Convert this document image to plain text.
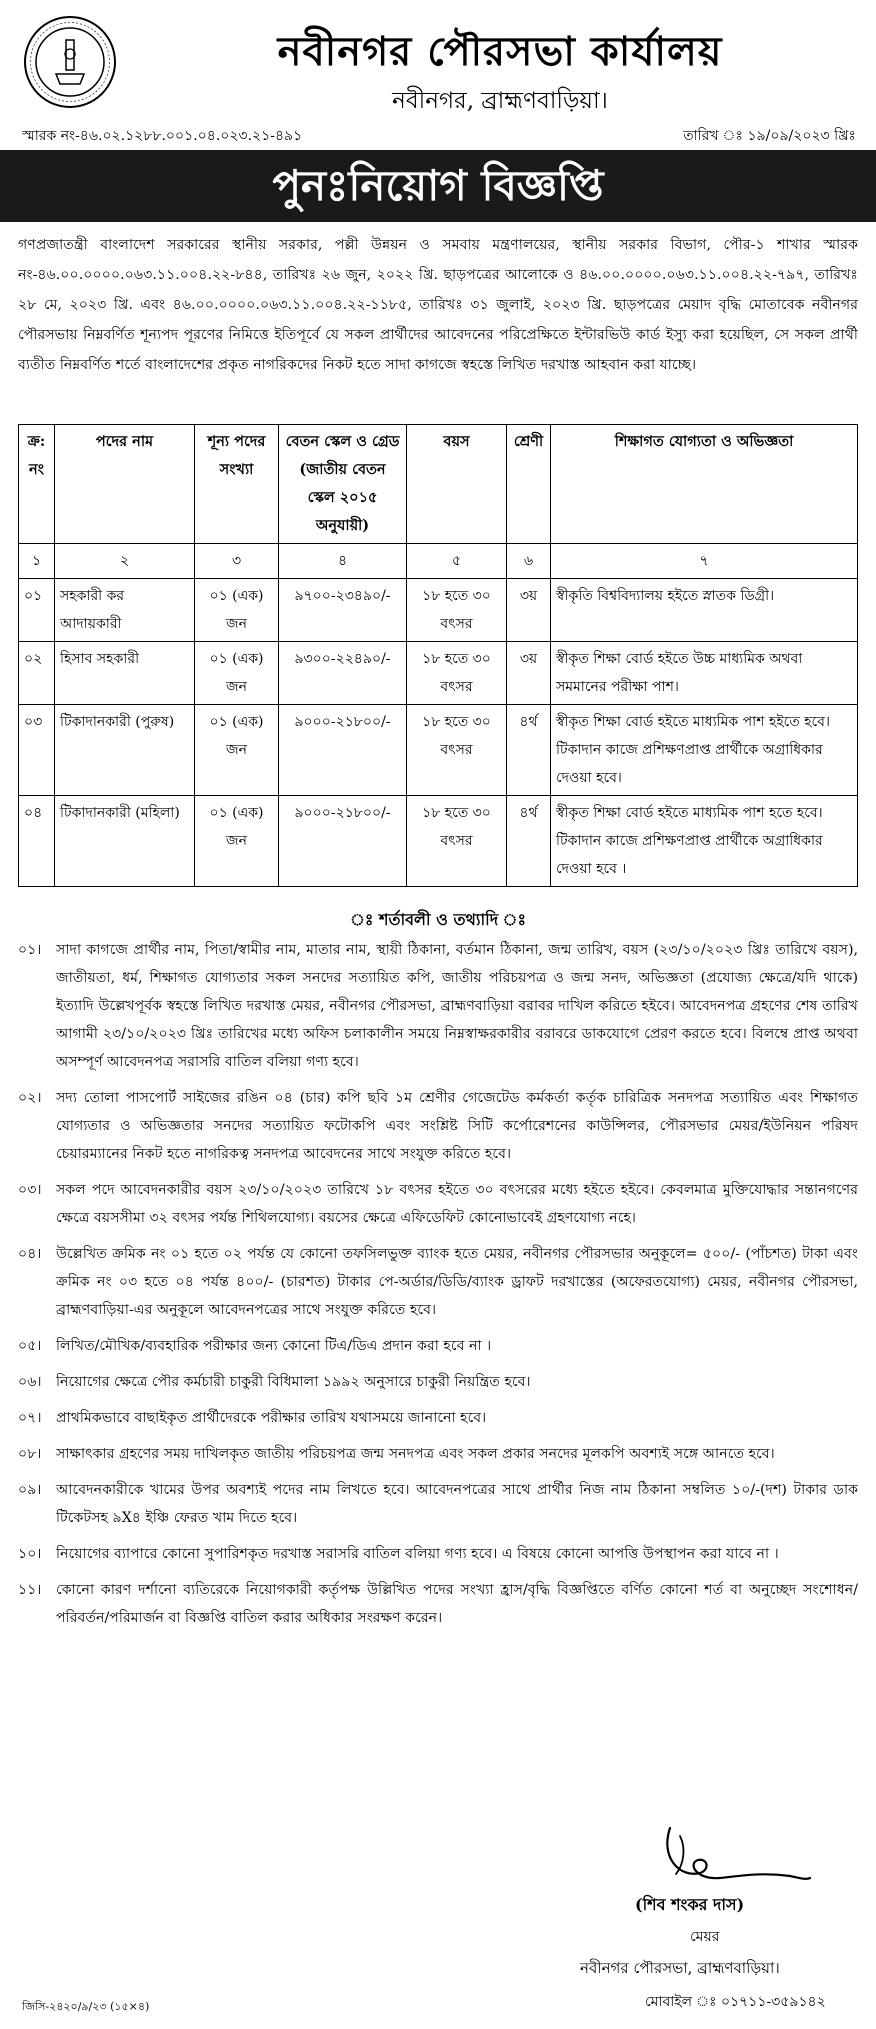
নবীনগর পৌরসভা কার্যালয়
নবীনগর, ব্রাহ্মণবাড়িয়া।
স্মারক নং-৪৬.০২.১২৮৮.০০১.০৪.০২৩.২১-৪৯১	তারিখ ঃ ১৯/০৯/২০২৩ খ্রিঃ
পুনঃনিয়োগ বিজ্ঞপ্তি
গণপ্রজাতন্ত্রী বাংলাদেশ সরকারের স্থানীয় সরকার, পল্লী উন্নয়ন ও সমবায় মন্ত্রণালয়ের, স্থানীয় সরকার বিভাগ, পৌর-১ শাখার স্মারক নং-৪৬.০০.০০০০.০৬৩.১১.০০৪.২২-৮৪৪, তারিখঃ ২৬ জুন, ২০২২ খ্রি. ছাড়পত্রের আলোকে ও ৪৬.০০.০০০০.০৬৩.১১.০০৪.২২-৭৯৭, তারিখঃ ২৮ মে, ২০২৩ খ্রি. এবং ৪৬.০০.০০০০.০৬৩.১১.০০৪.২২-১১৮৫, তারিখঃ ৩১ জুলাই, ২০২৩ খ্রি. ছাড়পত্রের মেয়াদ বৃদ্ধি মোতাবেক নবীনগর পৌরসভায় নিম্নবর্ণিত শূন্যপদ পূরণের নিমিত্তে ইতিপূর্বে যে সকল প্রার্থীদের আবেদনের পরিপ্রেক্ষিতে ইন্টারভিউ কার্ড ইস্যু করা হয়েছিল, সে সকল প্রার্থী ব্যতীত নিম্নবর্ণিত শর্তে বাংলাদেশের প্রকৃত নাগরিকদের নিকট হতে সাদা কাগজে স্বহস্তে লিখিত দরখাস্ত আহবান করা যাচ্ছে।
ক্র: নং	পদের নাম	শূন্য পদের সংখ্যা	বেতন স্কেল ও গ্রেড (জাতীয় বেতন স্কেল ২০১৫ অনুযায়ী)	বয়স	শ্রেণী	শিক্ষাগত যোগ্যতা ও অভিজ্ঞতা
১	২	৩	৪	৫	৬	৭
০১	সহকারী কর আদায়কারী	০১ (এক) জন	৯৭০০-২৩৪৯০/-	১৮ হতে ৩০ বৎসর	৩য়	স্বীকৃতি বিশ্ববিদ্যালয় হইতে স্নাতক ডিগ্রী।
০২	হিসাব সহকারী	০১ (এক) জন	৯৩০০-২২৪৯০/-	১৮ হতে ৩০ বৎসর	৩য়	স্বীকৃত শিক্ষা বোর্ড হইতে উচ্চ মাধ্যমিক অথবা সমমানের পরীক্ষা পাশ।
০৩	টিকাদানকারী (পুরুষ)	০১ (এক) জন	৯০০০-২১৮০০/-	১৮ হতে ৩০ বৎসর	৪র্থ	স্বীকৃত শিক্ষা বোর্ড হইতে মাধ্যমিক পাশ হইতে হবে। টিকাদান কাজে প্রশিক্ষণপ্রাপ্ত প্রার্থীকে অগ্রাধিকার দেওয়া হবে।
০৪	টিকাদানকারী (মহিলা)	০১ (এক) জন	৯০০০-২১৮০০/-	১৮ হতে ৩০ বৎসর	৪র্থ	স্বীকৃত শিক্ষা বোর্ড হইতে মাধ্যমিক পাশ হতে হবে। টিকাদান কাজে প্রশিক্ষণপ্রাপ্ত প্রার্থীকে অগ্রাধিকার দেওয়া হবে ।
ঃ শর্তাবলী ও তথ্যাদি ঃ
০১।	সাদা কাগজে প্রার্থীর নাম, পিতা/স্বামীর নাম, মাতার নাম, স্থায়ী ঠিকানা, বর্তমান ঠিকানা, জন্ম তারিখ, বয়স (২৩/১০/২০২৩ খ্রিঃ তারিখে বয়স), জাতীয়তা, ধর্ম, শিক্ষাগত যোগ্যতার সকল সনদের সত্যায়িত কপি, জাতীয় পরিচয়পত্র ও জন্ম সনদ, অভিজ্ঞতা (প্রযোজ্য ক্ষেত্রে/যদি থাকে) ইত্যাদি উল্লেখপূর্বক স্বহস্তে লিখিত দরখাস্ত মেয়র, নবীনগর পৌরসভা, ব্রাহ্মণবাড়িয়া বরাবর দাখিল করিতে হইবে। আবেদনপত্র গ্রহণের শেষ তারিখ আগামী ২৩/১০/২০২৩ খ্রিঃ তারিখের মধ্যে অফিস চলাকালীন সময়ে নিম্নস্বাক্ষরকারীর বরাবরে ডাকযোগে প্রেরণ করতে হবে। বিলম্বে প্রাপ্ত অথবা অসম্পূর্ণ আবেদনপত্র সরাসরি বাতিল বলিয়া গণ্য হবে।
০২।	সদ্য তোলা পাসপোর্ট সাইজের রঙিন ০৪ (চার) কপি ছবি ১ম শ্রেণীর গেজেটেড কর্মকর্তা কর্তৃক চারিত্রিক সনদপত্র সত্যায়িত এবং শিক্ষাগত যোগ্যতার ও অভিজ্ঞতার সনদের সত্যায়িত ফটোকপি এবং সংশ্লিষ্ট সিটি কর্পোরেশনের কাউন্সিলর, পৌরসভার মেয়র/ইউনিয়ন পরিষদ চেয়ারম্যানের নিকট হতে নাগরিকত্ব সনদপত্র আবেদনের সাথে সংযুক্ত করিতে হবে।
০৩।	সকল পদে আবেদনকারীর বয়স ২৩/১০/২০২৩ তারিখে ১৮ বৎসর হইতে ৩০ বৎসরের মধ্যে হইতে হইবে। কেবলমাত্র মুক্তিযোদ্ধার সন্তানগণের ক্ষেত্রে বয়সসীমা ৩২ বৎসর পর্যন্ত শিথিলযোগ্য। বয়সের ক্ষেত্রে এফিডেফিট কোনোভাবেই গ্রহণযোগ্য নহে।
০৪।	উল্লেখিত ক্রমিক নং ০১ হতে ০২ পর্যন্ত যে কোনো তফসিলভুক্ত ব্যাংক হতে মেয়র, নবীনগর পৌরসভার অনুকূলে= ৫০০/- (পাঁচশত) টাকা এবং ক্রমিক নং ০৩ হতে ০৪ পর্যন্ত ৪০০/- (চারশত) টাকার পে-অর্ডার/ডিডি/ব্যাংক ড্রাফট দরখাস্তের (অফেরতযোগ্য) মেয়র, নবীনগর পৌরসভা, ব্রাহ্মণবাড়িয়া-এর অনুকূলে আবেদনপত্রের সাথে সংযুক্ত করিতে হবে।
০৫।	লিখিত/মৌখিক/ব্যবহারিক পরীক্ষার জন্য কোনো টিএ/ডিএ প্রদান করা হবে না ।
০৬।	নিয়োগের ক্ষেত্রে পৌর কর্মচারী চাকুরী বিধিমালা ১৯৯২ অনুসারে চাকুরী নিয়ন্ত্রিত হবে।
০৭।	প্রাথমিকভাবে বাছাইকৃত প্রার্থীদেরকে পরীক্ষার তারিখ যথাসময়ে জানানো হবে।
০৮।	সাক্ষাৎকার গ্রহণের সময় দাখিলকৃত জাতীয় পরিচয়পত্র জন্ম সনদপত্র এবং সকল প্রকার সনদের মূলকপি অবশ্যই সঙ্গে আনতে হবে।
০৯।	আবেদনকারীকে খামের উপর অবশ্যই পদের নাম লিখতে হবে। আবেদনপত্রের সাথে প্রার্থীর নিজ নাম ঠিকানা সম্বলিত ১০/-(দশ) টাকার ডাক টিকেটসহ ৯X৪ ইঞ্চি ফেরত খাম দিতে হবে।
১০।	নিয়োগের ব্যাপারে কোনো সুপারিশকৃত দরখাস্ত সরাসরি বাতিল বলিয়া গণ্য হবে। এ বিষয়ে কোনো আপত্তি উপস্থাপন করা যাবে না ।
১১।	কোনো কারণ দর্শানো ব্যতিরেকে নিয়োগকারী কর্তৃপক্ষ উল্লিখিত পদের সংখ্যা হ্রাস/বৃদ্ধি বিজ্ঞপ্তিতে বর্ণিত কোনো শর্ত বা অনুচ্ছেদ সংশোধন/পরিবর্তন/পরিমার্জন বা বিজ্ঞপ্তি বাতিল করার অধিকার সংরক্ষণ করেন।
(শিব শংকর দাস)
মেয়র
নবীনগর পৌরসভা, ব্রাহ্মণবাড়িয়া।
মোবাইল ঃ ০১৭১১-৩৫৯১৪২
জিসি-২৪২০/৯/২৩ (১৫×৪)
